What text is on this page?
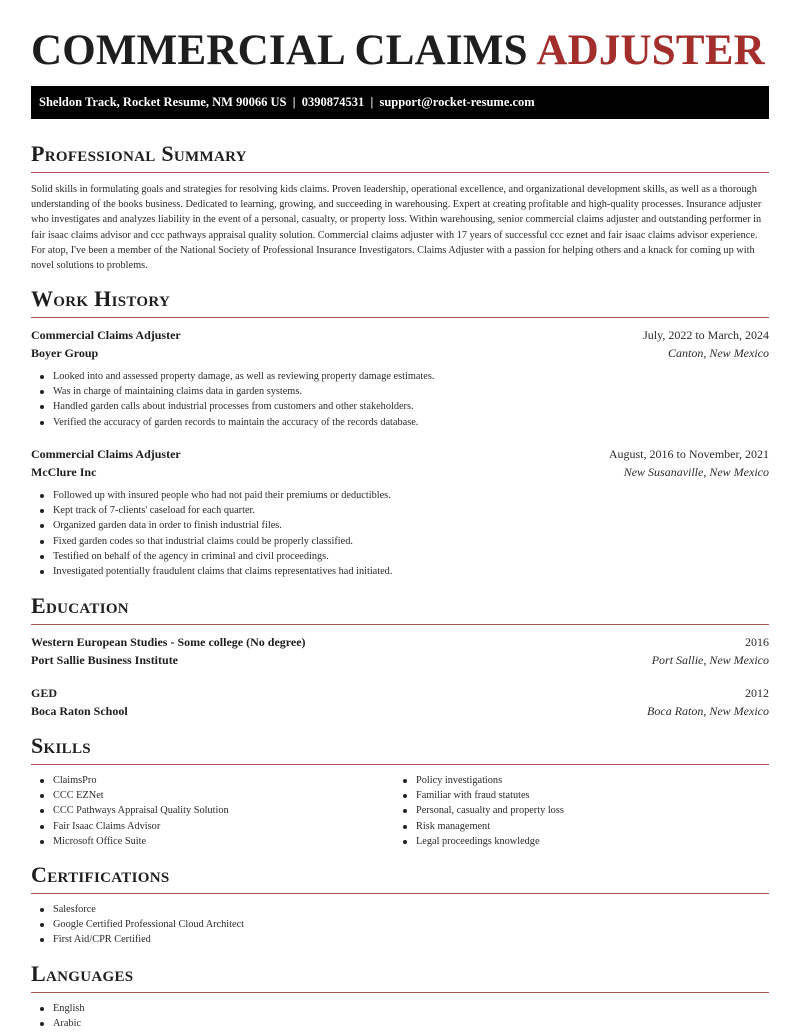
COMMERCIAL CLAIMS ADJUSTER
Sheldon Track, Rocket Resume, NM 90066 US  |  0390874531  |  support@rocket-resume.com
Professional Summary

Solid skills in formulating goals and strategies for resolving kids claims. Proven leadership, operational excellence, and organizational development skills, as well as a thorough understanding of the books business. Dedicated to learning, growing, and succeeding in warehousing. Expert at creating profitable and high-quality processes. Insurance adjuster who investigates and analyzes liability in the event of a personal, casualty, or property loss. Within warehousing, senior commercial claims adjuster and outstanding performer in fair isaac claims advisor and ccc pathways appraisal quality solution. Commercial claims adjuster with 17 years of successful ccc eznet and fair isaac claims advisor experience. For atop, I've been a member of the National Society of Professional Insurance Investigators. Claims Adjuster with a passion for helping others and a knack for coming up with novel solutions to problems.

Work History
Commercial Claims Adjuster	July, 2022 to March, 2024
Boyer Group	Canton, New Mexico
Looked into and assessed property damage, as well as reviewing property damage estimates.
Was in charge of maintaining claims data in garden systems.
Handled garden calls about industrial processes from customers and other stakeholders.
Verified the accuracy of garden records to maintain the accuracy of the records database.
Commercial Claims Adjuster	August, 2016 to November, 2021
McClure Inc	New Susanaville, New Mexico
Followed up with insured people who had not paid their premiums or deductibles.
Kept track of 7-clients' caseload for each quarter.
Organized garden data in order to finish industrial files.
Fixed garden codes so that industrial claims could be properly classified.
Testified on behalf of the agency in criminal and civil proceedings.
Investigated potentially fraudulent claims that claims representatives had initiated.
Education
Western European Studies - Some college (No degree)	2016
Port Sallie Business Institute	Port Sallie, New Mexico
GED	2012
Boca Raton School	Boca Raton, New Mexico
Skills
ClaimsPro
CCC EZNet
CCC Pathways Appraisal Quality Solution
Fair Isaac Claims Advisor
Microsoft Office Suite
Policy investigations
Familiar with fraud statutes
Personal, casualty and property loss
Risk management
Legal proceedings knowledge
Certifications
Salesforce
Google Certified Professional Cloud Architect
First Aid/CPR Certified
Languages
English
Arabic
